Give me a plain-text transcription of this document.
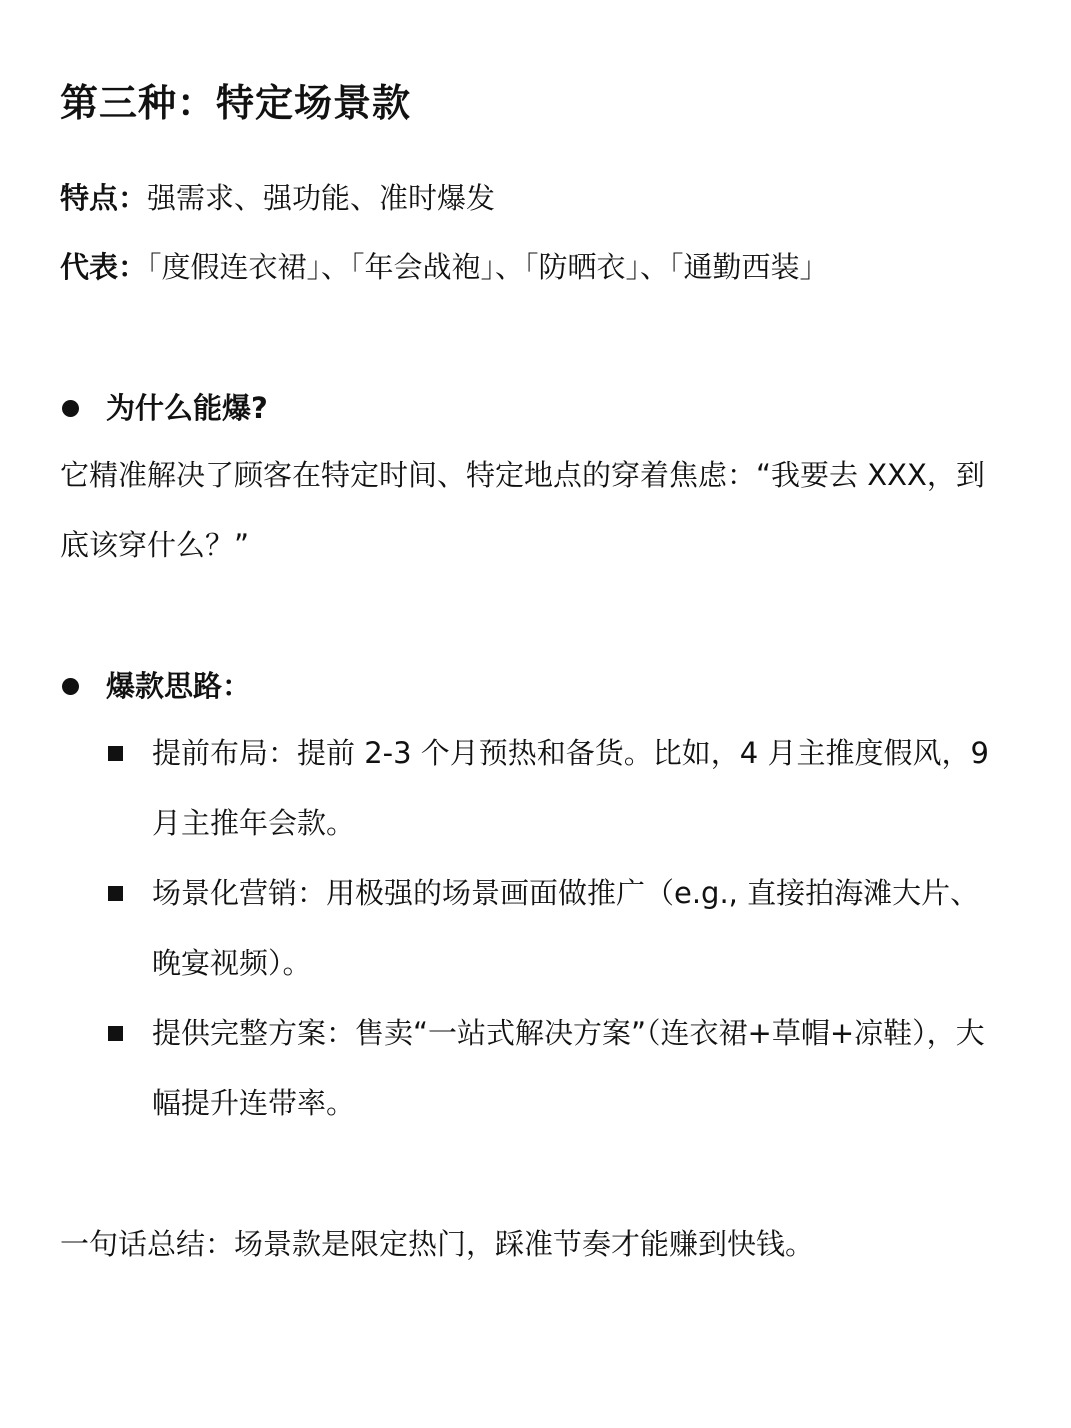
第三种：特定场景款
特点：强需求、强功能、准时爆发
代表：「度假连衣裙」、「年会战袍」、「防晒衣」、「通勤西装」
为什么能爆?
它精准解决了顾客在特定时间、特定地点的穿着焦虑：“我要去 XXX，到底该穿什么？”
爆款思路：
提前布局：提前 2-3 个月预热和备货。比如，4 月主推度假风，9 月主推年会款。
场景化营销：用极强的场景画面做推广（e.g., 直接拍海滩大片、晚宴视频）。
提供完整方案：售卖“一站式解决方案”（连衣裙+草帽+凉鞋），大幅提升连带率。
一句话总结：场景款是限定热门，踩准节奏才能赚到快钱。
